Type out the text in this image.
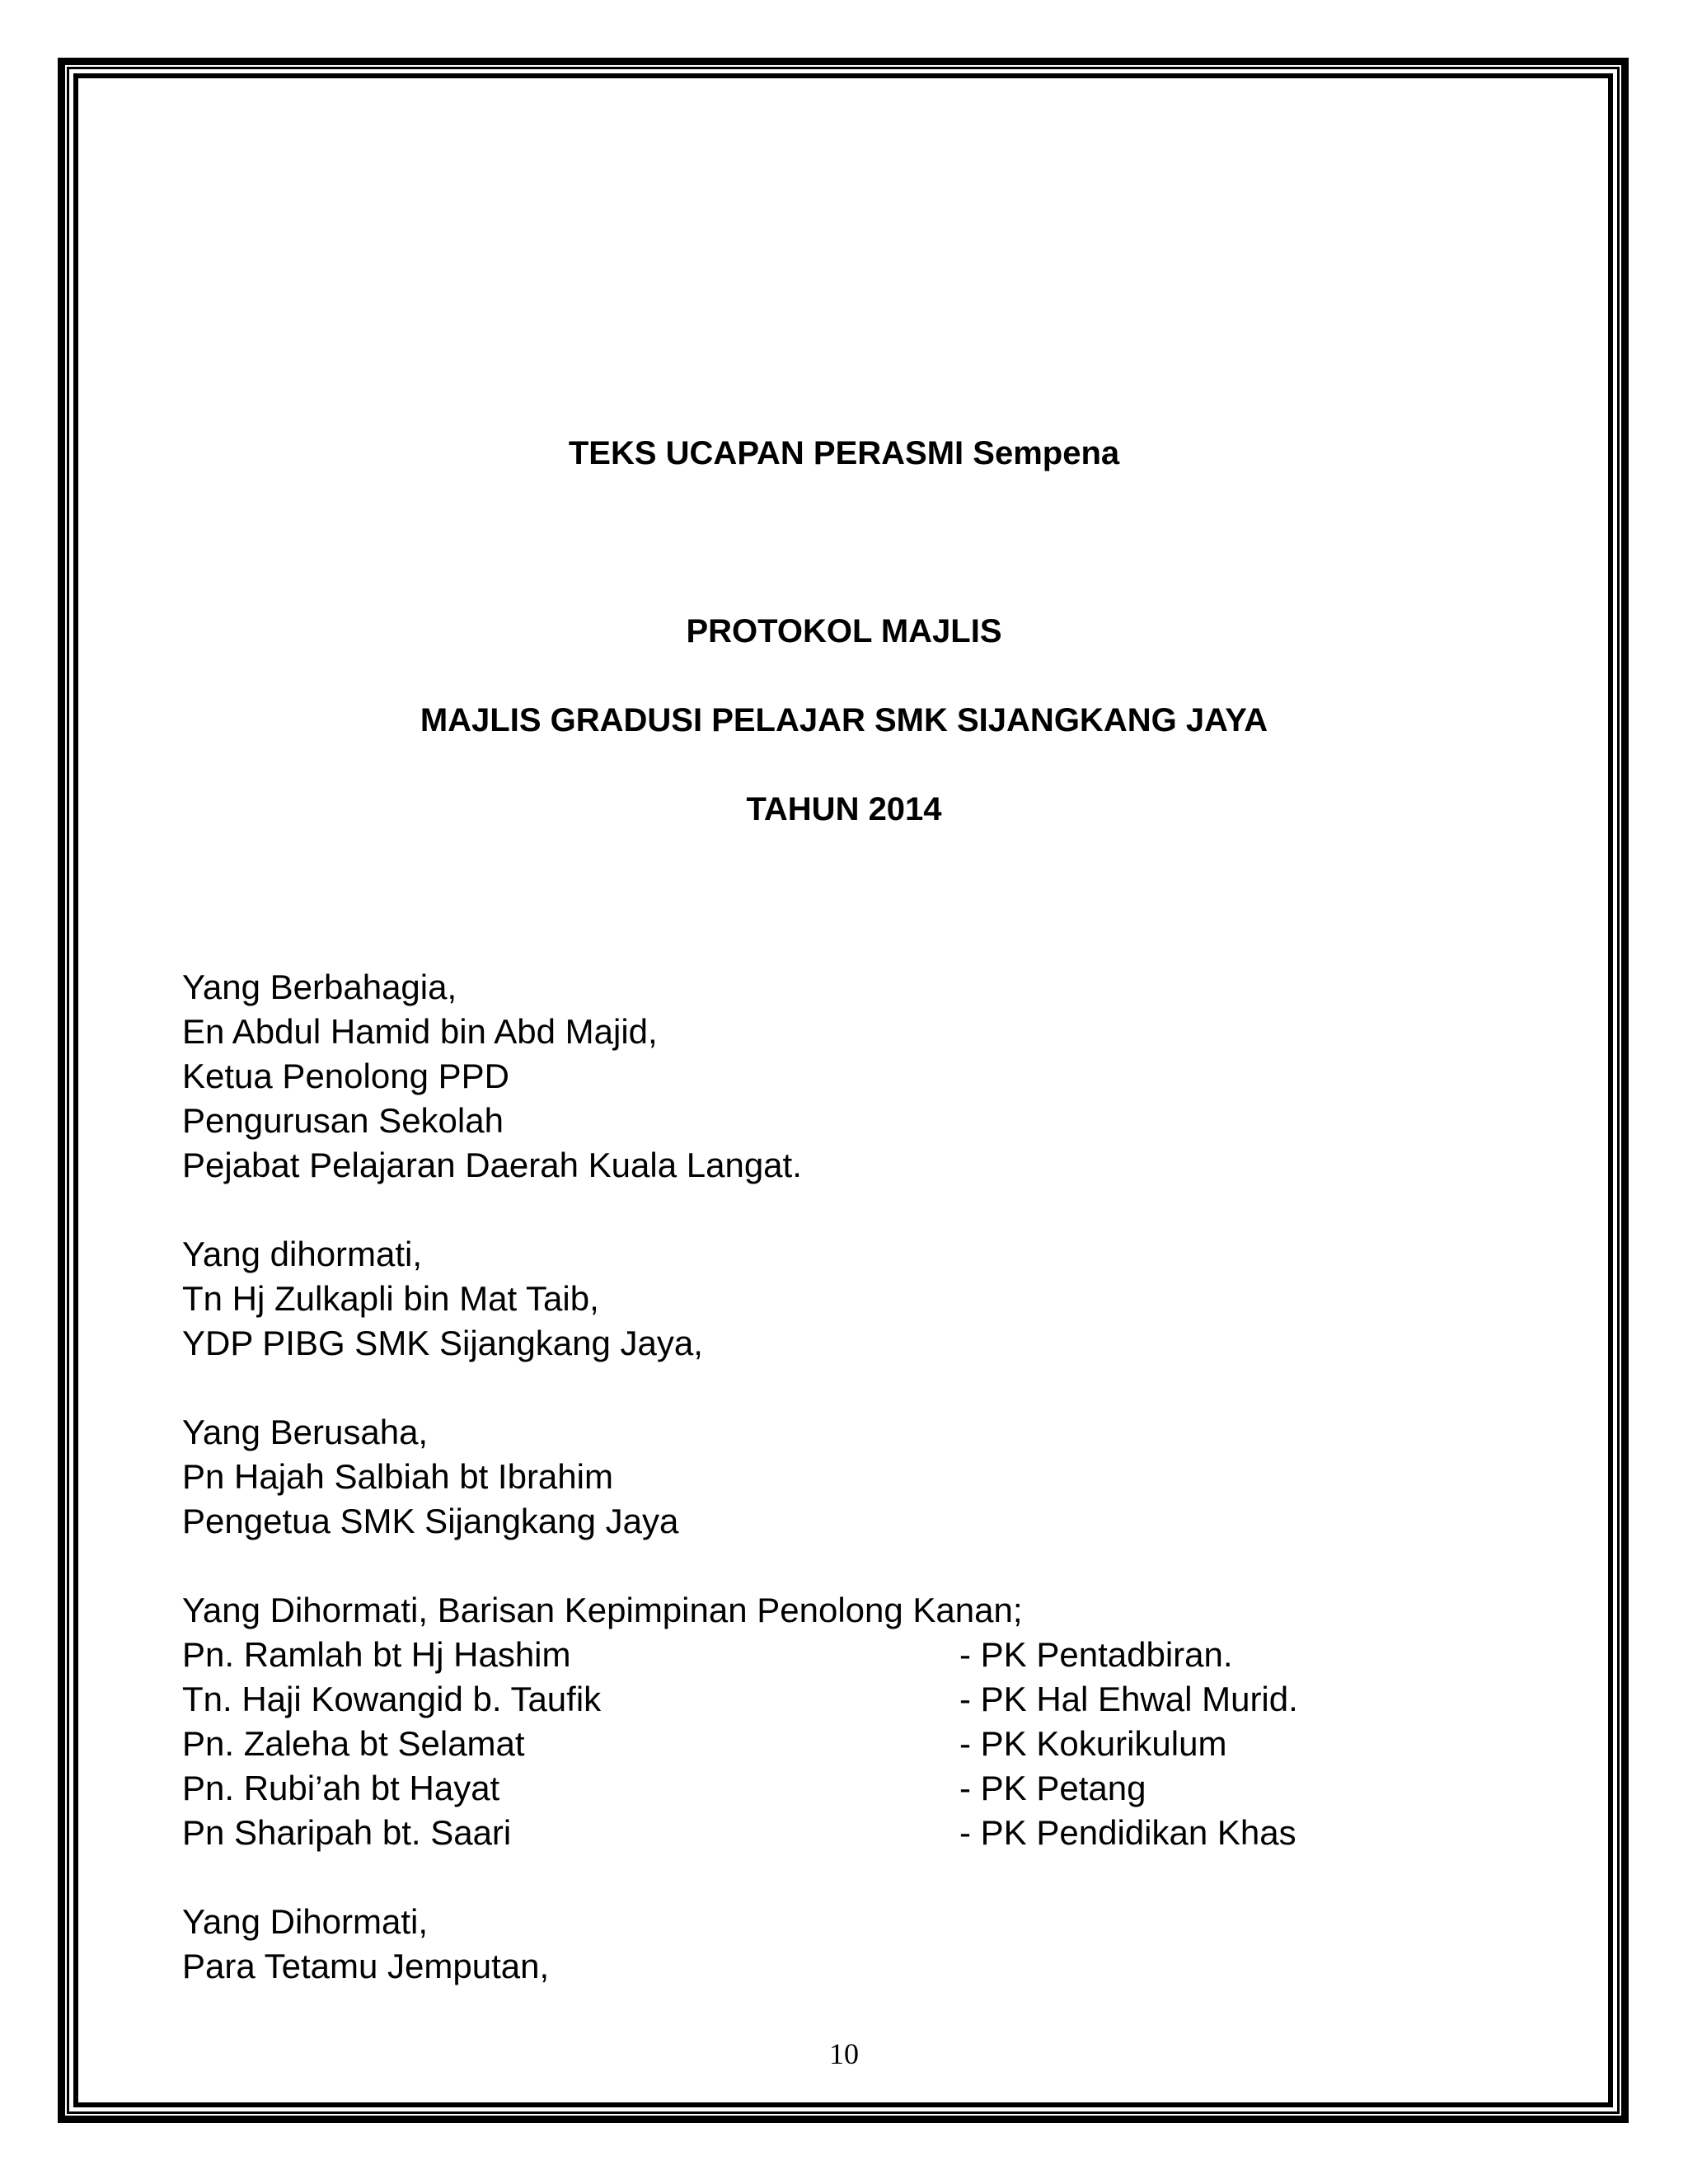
TEKS UCAPAN PERASMI Sempena
PROTOKOL MAJLIS
MAJLIS GRADUSI PELAJAR SMK SIJANGKANG JAYA
TAHUN 2014
Yang Berbahagia,
En Abdul Hamid bin Abd Majid,
Ketua Penolong PPD
Pengurusan Sekolah
Pejabat Pelajaran Daerah Kuala Langat.
Yang dihormati,
Tn Hj Zulkapli bin Mat Taib,
YDP PIBG SMK Sijangkang Jaya,
Yang Berusaha,
Pn Hajah Salbiah bt Ibrahim
Pengetua SMK Sijangkang Jaya
Yang Dihormati, Barisan Kepimpinan Penolong Kanan;
Pn. Ramlah bt Hj Hashim	- PK Pentadbiran.
Tn. Haji Kowangid b. Taufik	- PK Hal Ehwal Murid.
Pn. Zaleha bt Selamat	- PK Kokurikulum
Pn. Rubi’ah bt Hayat	- PK Petang
Pn Sharipah bt. Saari	- PK Pendidikan Khas
Yang Dihormati,
Para Tetamu Jemputan,
10
